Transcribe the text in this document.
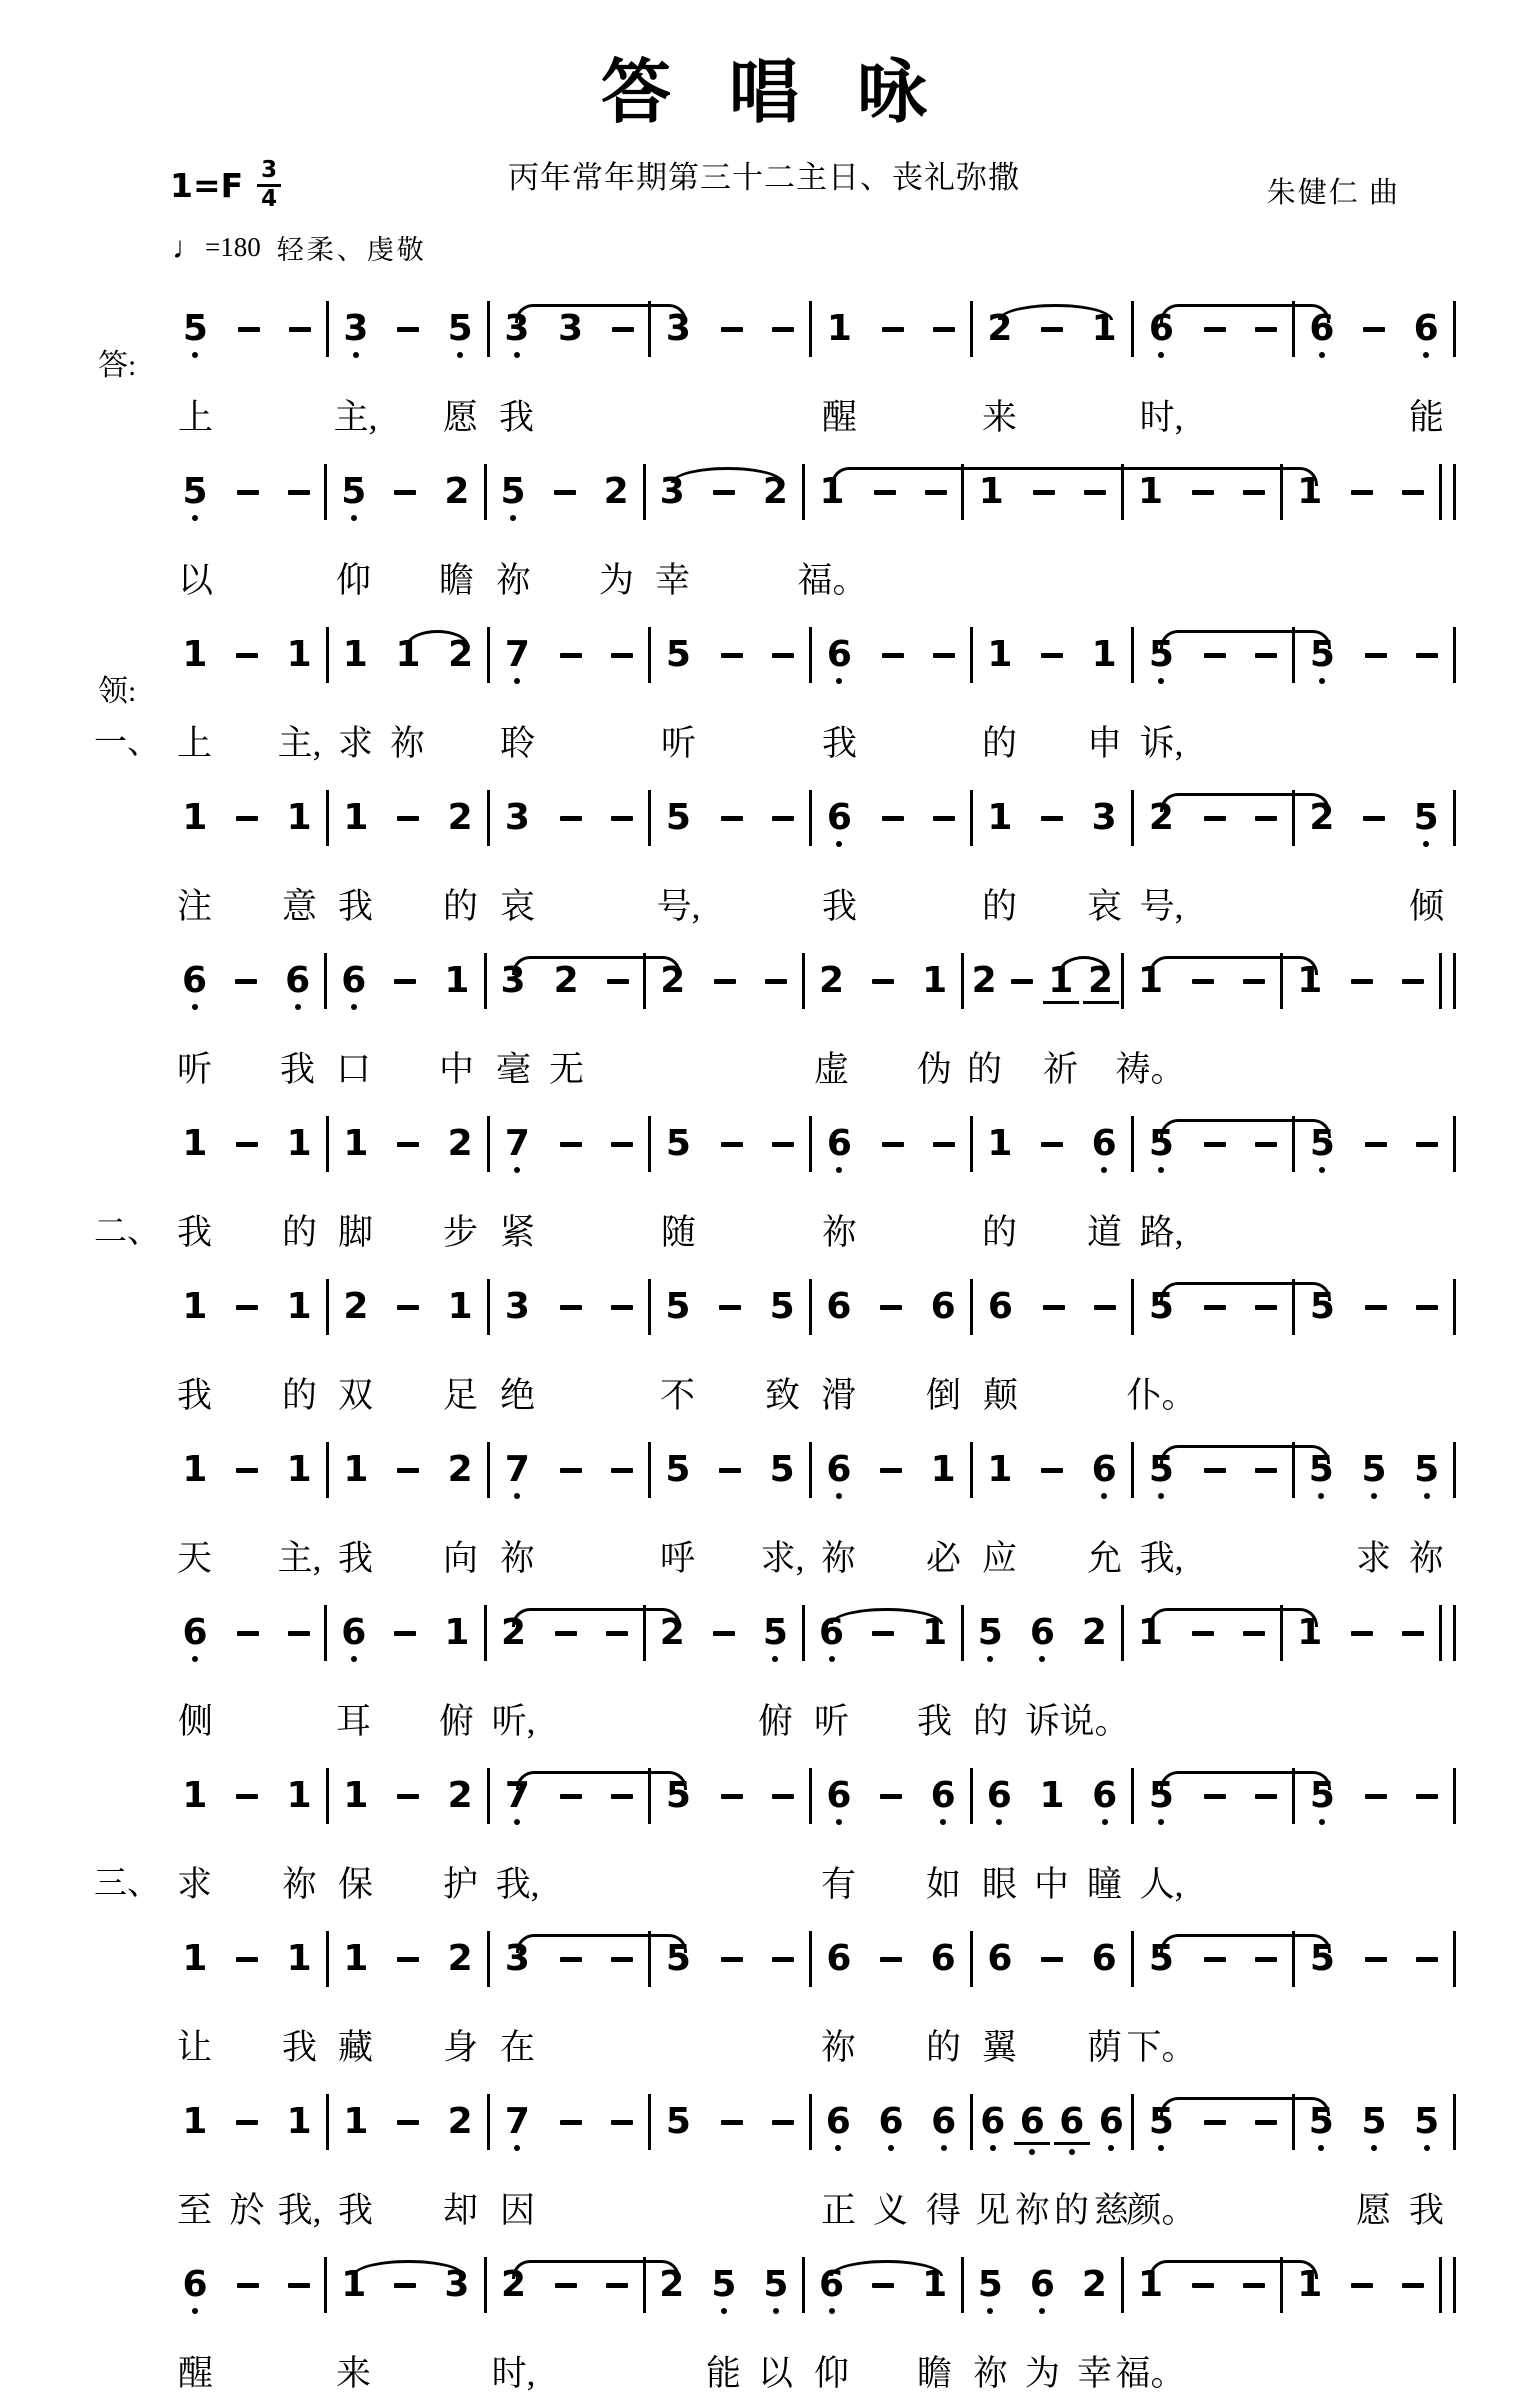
答唱咏
丙年常年期第三十二主日、丧礼弥撒	朱健仁 曲
$1=F \frac{3}{4}$
♩ =180 轻柔、虔敬
5	3 5 3 3 3	1	2 1 6	6 6
答:
上	主, 愿 我	醒	来	时,	能
5	5 2 5 2 3 2 1	1	1	1
以	仰 瞻 祢 为 幸	福。
1 1 1 1 2 7	5	6	1 1 5	5
领:
一、 上 主, 求 祢 聆	听	我	的 申 诉,
1 1 1 2 3	5	6	1 3 2	2 5
注 意 我 的 哀	号,	我	的 哀 号,	倾
6 6 6 1 3 2 2	2 1 2 1 2 1	1
听 我 口 中 毫 无	虚 伪 的 祈 祷。
1 1 1 2 7	5	6	1 6 5	5
二、 我 的 脚 步 紧	随	祢	的 道 路,
1 1 2 1 3	5 5 6 6 6	5	5
我 的 双 足 绝	不 致 滑 倒 颠	仆。
1 1 1 2 7	5 5 6 1 1 6 5	5 5 5
天 主, 我 向 祢	呼 求, 祢 必 应 允 我,	求 祢
6	6 1 2	2 5 6 1 5 6 2 1	1
侧	耳 俯 听,	俯 听 我 的 诉 说。
1 1 1 2 7	5	6 6 6 1 6 5	5
三、 求 祢 保 护 我,	有 如 眼 中 瞳 人,
1 1 1 2 3	5	6 6 6 6 5	5
让 我 藏 身 在	祢 的 翼 荫 下。
1 1 1 2 7	5	6 6 6 6 6 6 6 5	5 5 5
至 於 我, 我 却 因	正 义 得 见 祢 的 慈
颜。	愿 我
6	1 3 2	2 5 5 6 1 5 6 2 1	1
醒	来	时,	能 以 仰 瞻 祢 为 幸 福。
